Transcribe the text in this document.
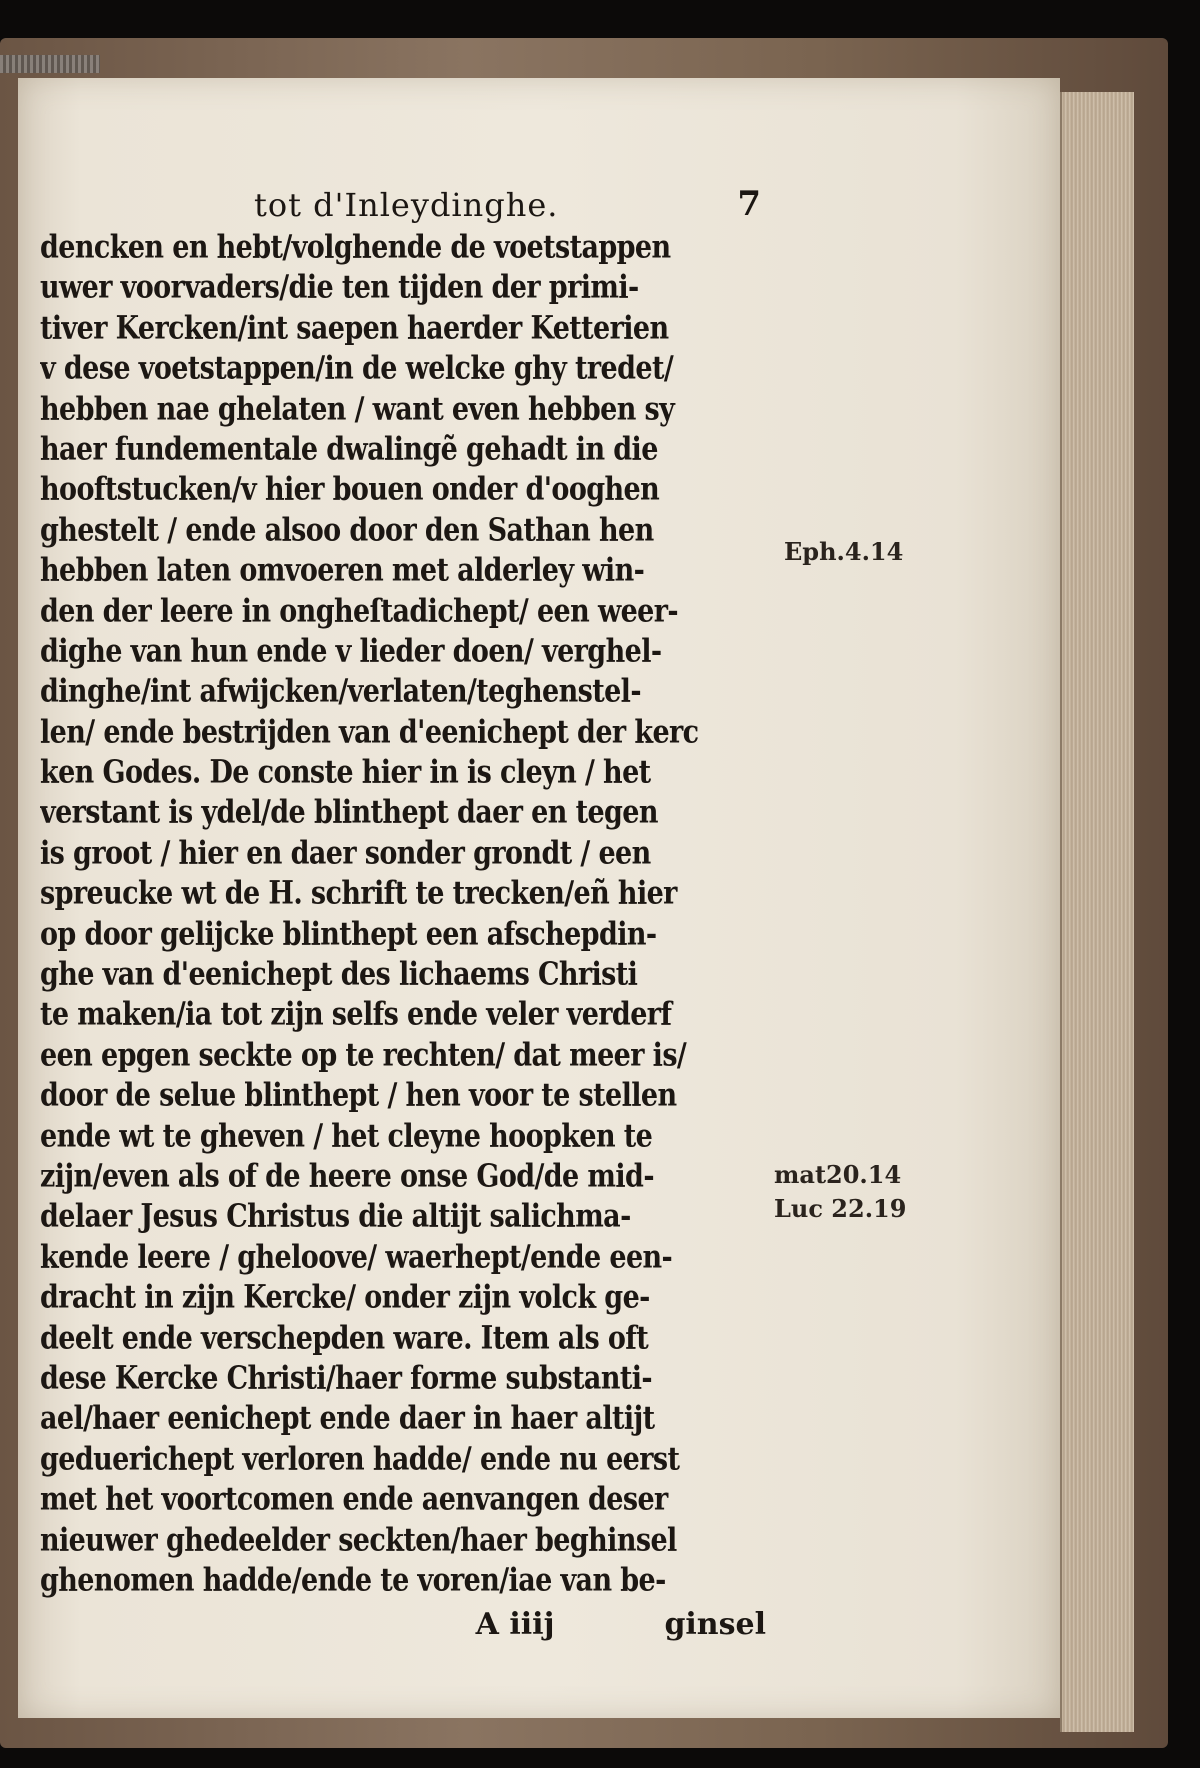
tot d'Inleydinghe.	7
dencken en hebt/volghende de voetstappen
uwer voorvaders/die ten tijden der primi-
tiver Kercken/int saepen haerder Ketterien
v dese voetstappen/in de welcke ghy tredet/
hebben nae ghelaten / want even hebben sy
haer fundementale dwalingẽ gehadt in die
hooftstucken/v hier bouen onder d'ooghen
ghestelt / ende alsoo door den Sathan hen
hebben laten omvoeren met alderley win-
den der leere in ongheſtadichept/ een weer-
dighe van hun ende v lieder doen/ verghel-
dinghe/int afwijcken/verlaten/teghenstel-
len/ ende bestrijden van d'eenichept der kerc
ken Godes. De conste hier in is cleyn / het
verstant is ydel/de blinthept daer en tegen
is groot / hier en daer sonder grondt / een
spreucke wt de H. schrift te trecken/eñ hier
op door gelijcke blinthept een afschepdin-
ghe van d'eenichept des lichaems Christi
te maken/ia tot zijn selfs ende veler verderf
een epgen seckte op te rechten/ dat meer is/
door de selue blinthept / hen voor te stellen
ende wt te gheven / het cleyne hoopken te
zijn/even als of de heere onse God/de mid-
delaer Jesus Christus die altijt salichma-
kende leere / gheloove/ waerhept/ende een-
dracht in zijn Kercke/ onder zijn volck ge-
deelt ende verschepden ware. Item als oft
dese Kercke Christi/haer forme substanti-
ael/haer eenichept ende daer in haer altijt
geduerichept verloren hadde/ ende nu eerst
met het voortcomen ende aenvangen deser
nieuwer ghedeelder seckten/haer beghinsel
ghenomen hadde/ende te voren/iae van be-
A iiij	ginsel
Eph.4.14
mat20.14
Luc 22.19
